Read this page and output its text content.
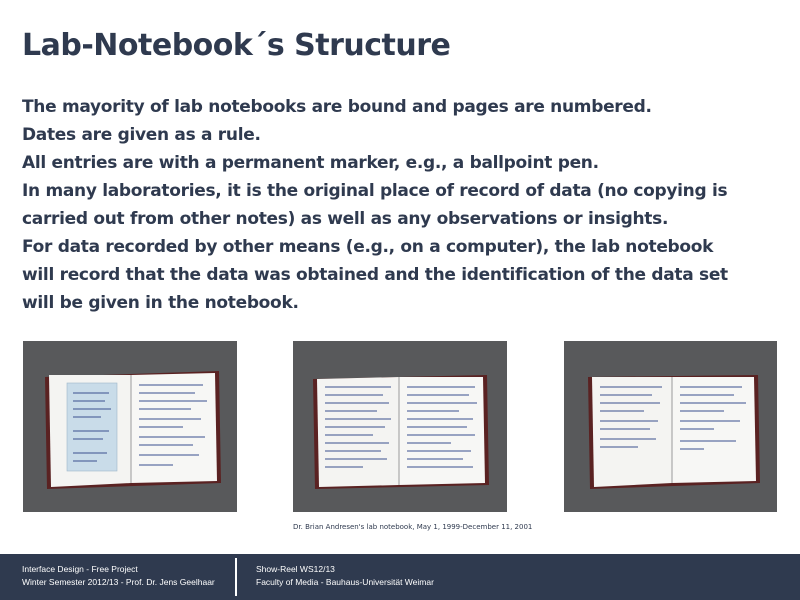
Lab-Notebook´s Structure
The mayority of lab notebooks are bound and pages are numbered.
Dates are given as a rule.
All entries are with a permanent marker, e.g., a ballpoint pen.
In many laboratories, it is the original place of record of data (no copying is
carried out from other notes) as well as any observations or insights.
For data recorded by other means (e.g., on a computer), the lab notebook
will record that the data was obtained and the identification of the data set
will be given in the notebook.
Dr. Brian Andresen's lab notebook, May 1, 1999-December 11, 2001
Interface Design - Free Project
Winter Semester 2012/13 - Prof. Dr. Jens Geelhaar
Show-Reel WS12/13
Faculty of Media - Bauhaus-Universität Weimar
